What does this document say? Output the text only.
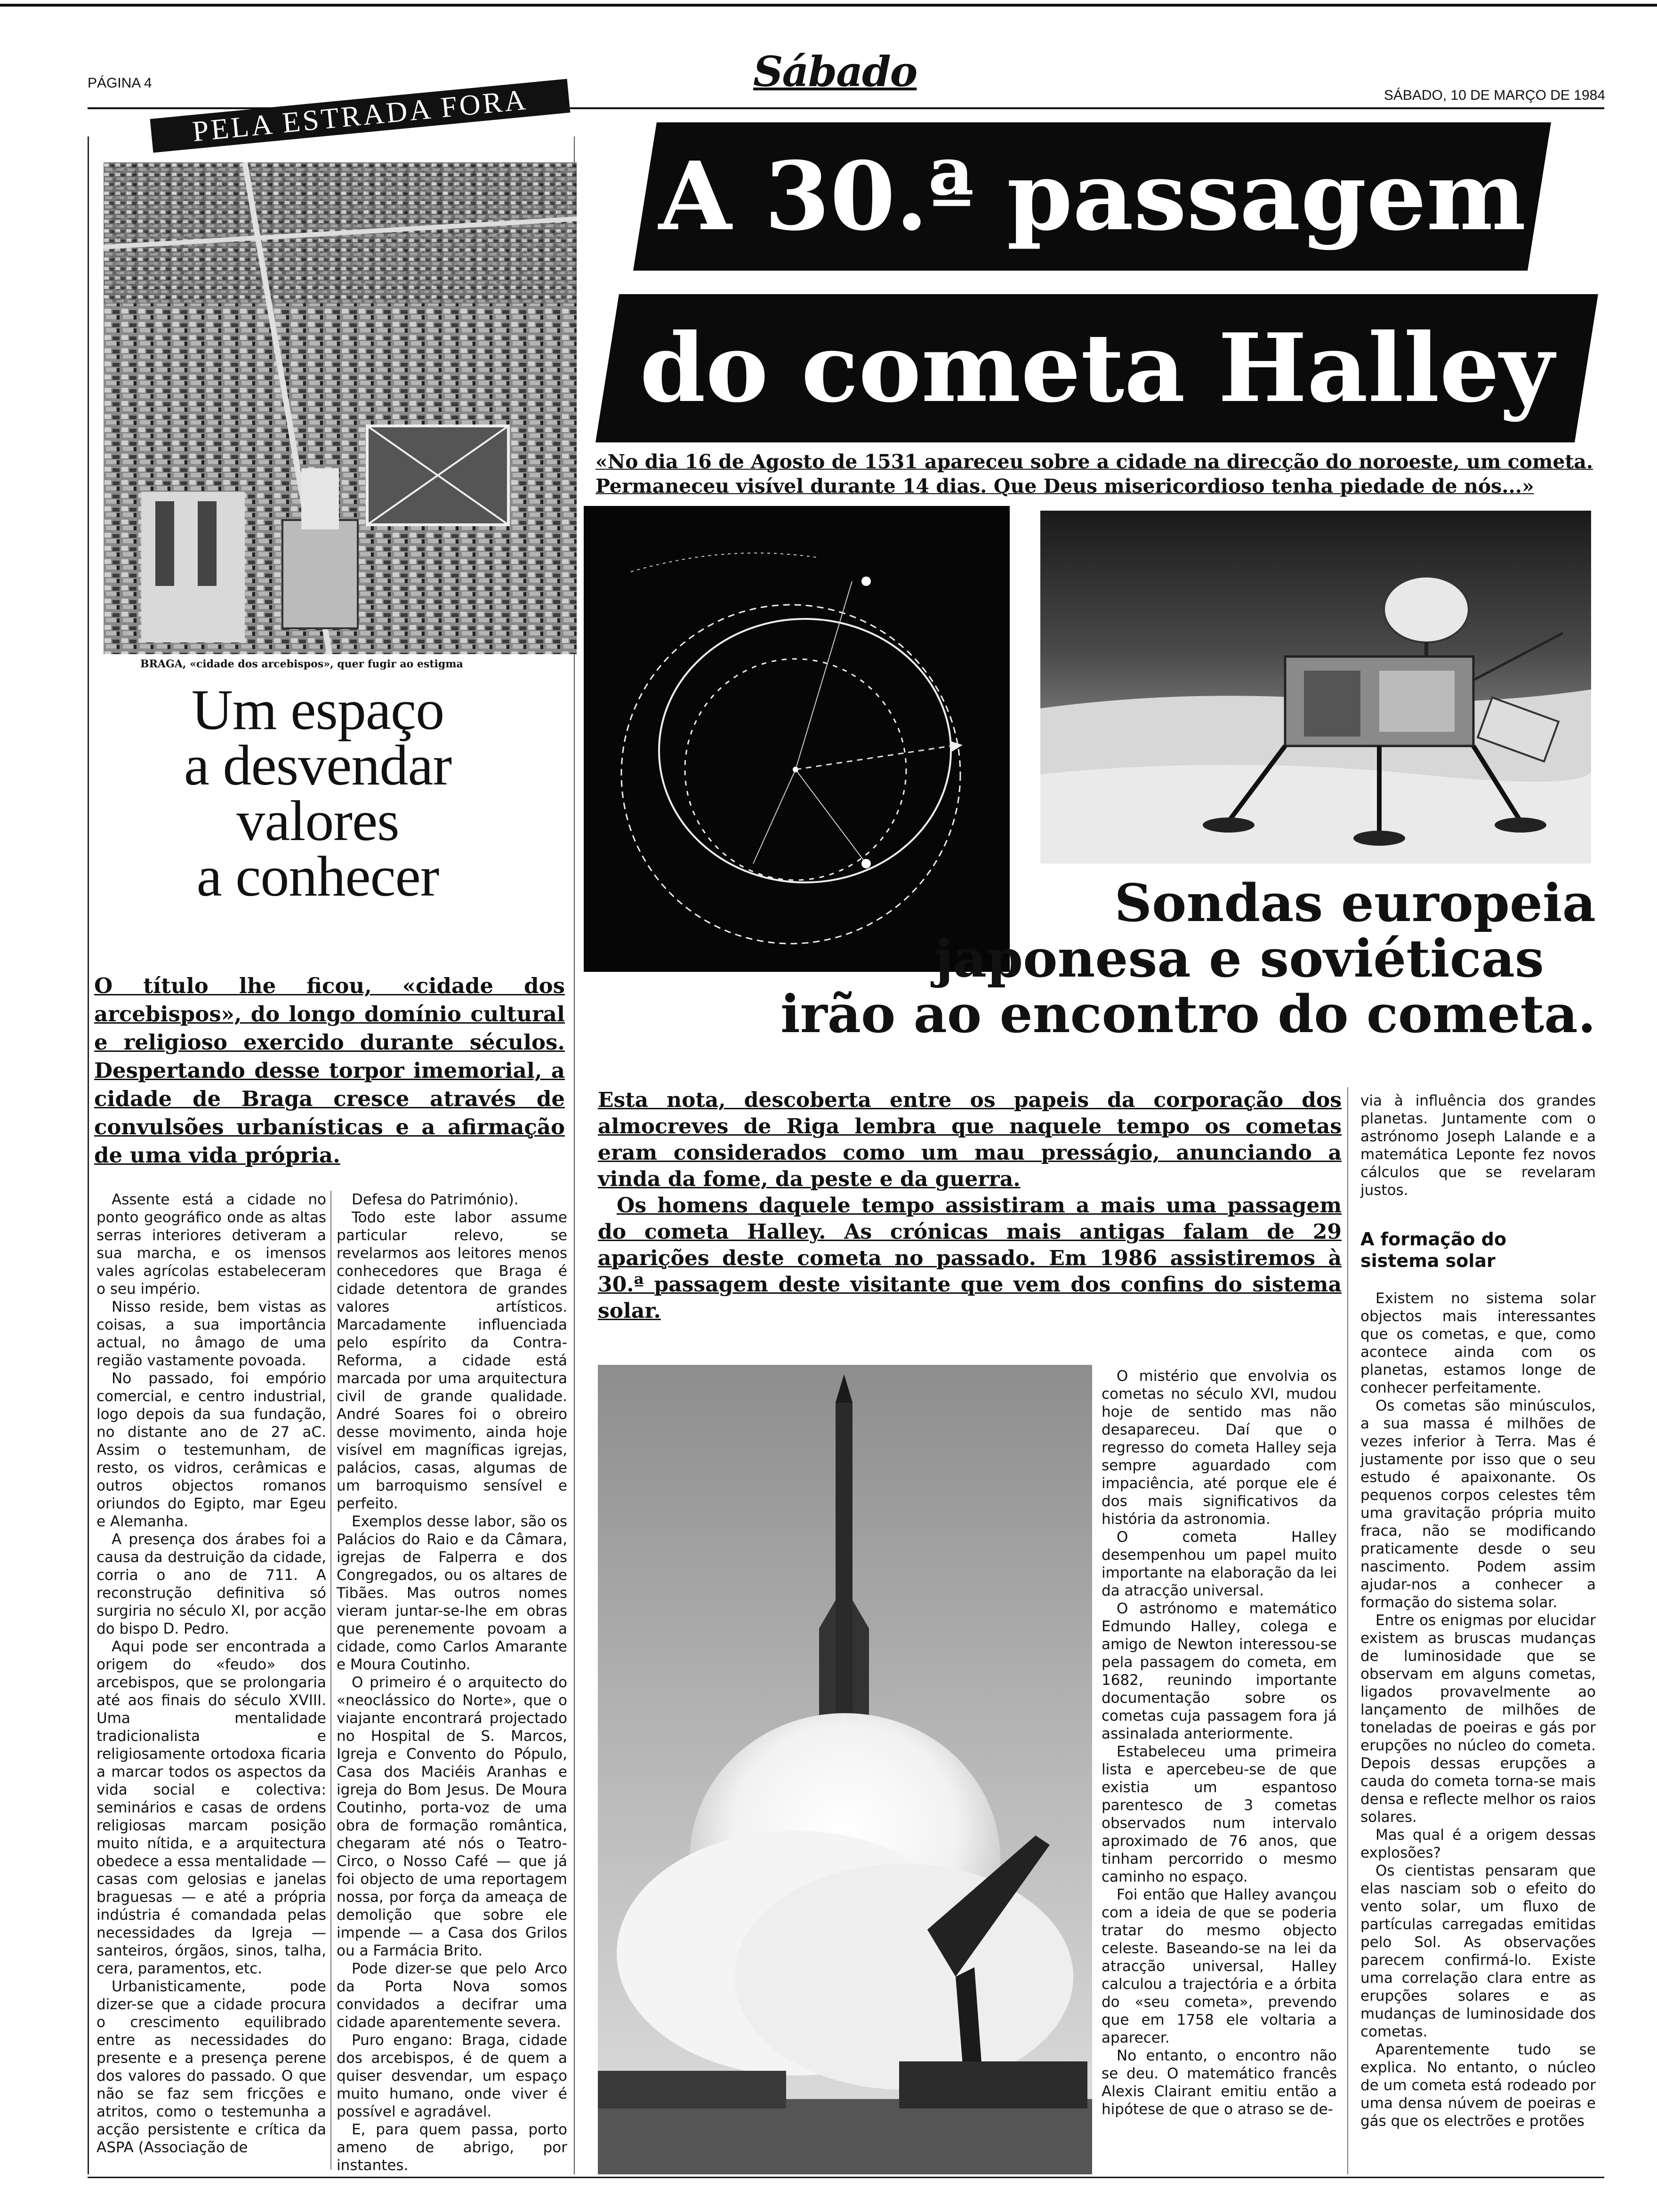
PÁGINA 4	Sábado	SÁBADO, 10 DE MARÇO DE 1984
PELA ESTRADA FORA
BRAGA, «cidade dos arcebispos», quer fugir ao estigma
Um espaço
a desvendar
valores
a conhecer
O título lhe ficou, «cidade dos arcebispos», do longo domínio cultural e religioso exercido durante séculos. Despertando desse torpor imemorial, a cidade de Braga cresce através de convulsões urbanísticas e a afirmação de uma vida própria.

Assente está a cidade no ponto geográfico onde as altas serras interiores detiveram a sua marcha, e os imensos vales agrícolas estabeleceram o seu império.

Nisso reside, bem vistas as coisas, a sua importância actual, no âmago de uma região vastamente povoada.

No passado, foi empório comercial, e centro industrial, logo depois da sua fundação, no distante ano de 27 aC. Assim o testemunham, de resto, os vidros, cerâmicas e outros objectos romanos oriundos do Egipto, mar Egeu e Alemanha.

A presença dos árabes foi a causa da destruição da cidade, corria o ano de 711. A reconstrução definitiva só surgiria no século XI, por acção do bispo D. Pedro.

Aqui pode ser encontrada a origem do «feudo» dos arcebispos, que se prolongaria até aos finais do século XVIII. Uma mentalidade tradicionalista e religiosamente ortodoxa ficaria a marcar todos os aspectos da vida social e colectiva: seminários e casas de ordens religiosas marcam posição muito nítida, e a arquitectura obedece a essa mentalidade — casas com gelosias e janelas braguesas — e até a própria indústria é comandada pelas necessidades da Igreja — santeiros, órgãos, sinos, talha, cera, paramentos, etc.

Urbanisticamente, pode dizer-se que a cidade procura o crescimento equilibrado entre as necessidades do presente e a presença perene dos valores do passado. O que não se faz sem fricções e atritos, como o testemunha a acção persistente e crítica da ASPA (Associação de

Defesa do Património).

Todo este labor assume particular relevo, se revelarmos aos leitores menos conhecedores que Braga é cidade detentora de grandes valores artísticos. Marcadamente influenciada pelo espírito da Contra-Reforma, a cidade está marcada por uma arquitectura civil de grande qualidade. André Soares foi o obreiro desse movimento, ainda hoje visível em magníficas igrejas, palácios, casas, algumas de um barroquismo sensível e perfeito.

Exemplos desse labor, são os Palácios do Raio e da Câmara, igrejas de Falperra e dos Congregados, ou os altares de Tibães. Mas outros nomes vieram juntar-se-lhe em obras que perenemente povoam a cidade, como Carlos Amarante e Moura Coutinho.

O primeiro é o arquitecto do «neoclássico do Norte», que o viajante encontrará projectado no Hospital de S. Marcos, Igreja e Convento do Pópulo, Casa dos Maciéis Aranhas e igreja do Bom Jesus. De Moura Coutinho, porta-voz de uma obra de formação romântica, chegaram até nós o Teatro-Circo, o Nosso Café — que já foi objecto de uma reportagem nossa, por força da ameaça de demolição que sobre ele impende — a Casa dos Grilos ou a Farmácia Brito.

Pode dizer-se que pelo Arco da Porta Nova somos convidados a decifrar uma cidade aparentemente severa.

Puro engano: Braga, cidade dos arcebispos, é de quem a quiser desvendar, um espaço muito humano, onde viver é possível e agradável.

E, para quem passa, porto ameno de abrigo, por instantes.

A 30.ª passagem
do cometa Halley
«No dia 16 de Agosto de 1531 apareceu sobre a cidade na direcção do noroeste, um cometa. Permaneceu visível durante 14 dias. Que Deus misericordioso tenha piedade de nós...»
Sondas europeia
japonesa e soviéticas
irão ao encontro do cometa.

Esta nota, descoberta entre os papeis da corporação dos almocreves de Riga lembra que naquele tempo os cometas eram considerados como um mau presságio, anunciando a vinda da fome, da peste e da guerra.

Os homens daquele tempo assistiram a mais uma passagem do cometa Halley. As crónicas mais antigas falam de 29 aparições deste cometa no passado. Em 1986 assistiremos à 30.ª passagem deste visitante que vem dos confins do sistema solar.

via à influência dos grandes planetas. Juntamente com o astrónomo Joseph Lalande e a matemática Leponte fez novos cálculos que se revelaram justos.

A formação do sistema solar

Existem no sistema solar objectos mais interessantes que os cometas, e que, como acontece ainda com os planetas, estamos longe de conhecer perfeitamente.

Os cometas são minúsculos, a sua massa é milhões de vezes inferior à Terra. Mas é justamente por isso que o seu estudo é apaixonante. Os pequenos corpos celestes têm uma gravitação própria muito fraca, não se modificando praticamente desde o seu nascimento. Podem assim ajudar-nos a conhecer a formação do sistema solar.

Entre os enigmas por elucidar existem as bruscas mudanças de luminosidade que se observam em alguns cometas, ligados provavelmente ao lançamento de milhões de toneladas de poeiras e gás por erupções no núcleo do cometa. Depois dessas erupções a cauda do cometa torna-se mais densa e reflecte melhor os raios solares.

Mas qual é a origem dessas explosões?

Os cientistas pensaram que elas nasciam sob o efeito do vento solar, um fluxo de partículas carregadas emitidas pelo Sol. As observações parecem confirmá-lo. Existe uma correlação clara entre as erupções solares e as mudanças de luminosidade dos cometas.

Aparentemente tudo se explica. No entanto, o núcleo de um cometa está rodeado por uma densa núvem de poeiras e gás que os electrões e protões

O mistério que envolvia os cometas no século XVI, mudou hoje de sentido mas não desapareceu. Daí que o regresso do cometa Halley seja sempre aguardado com impaciência, até porque ele é dos mais significativos da história da astronomia.

O cometa Halley desempenhou um papel muito importante na elaboração da lei da atracção universal.

O astrónomo e matemático Edmundo Halley, colega e amigo de Newton interessou-se pela passagem do cometa, em 1682, reunindo importante documentação sobre os cometas cuja passagem fora já assinalada anteriormente.

Estabeleceu uma primeira lista e apercebeu-se de que existia um espantoso parentesco de 3 cometas observados num intervalo aproximado de 76 anos, que tinham percorrido o mesmo caminho no espaço.

Foi então que Halley avançou com a ideia de que se poderia tratar do mesmo objecto celeste. Baseando-se na lei da atracção universal, Halley calculou a trajectória e a órbita do «seu cometa», prevendo que em 1758 ele voltaria a aparecer.

No entanto, o encontro não se deu. O matemático francês Alexis Clairant emitiu então a hipótese de que o atraso se de-
